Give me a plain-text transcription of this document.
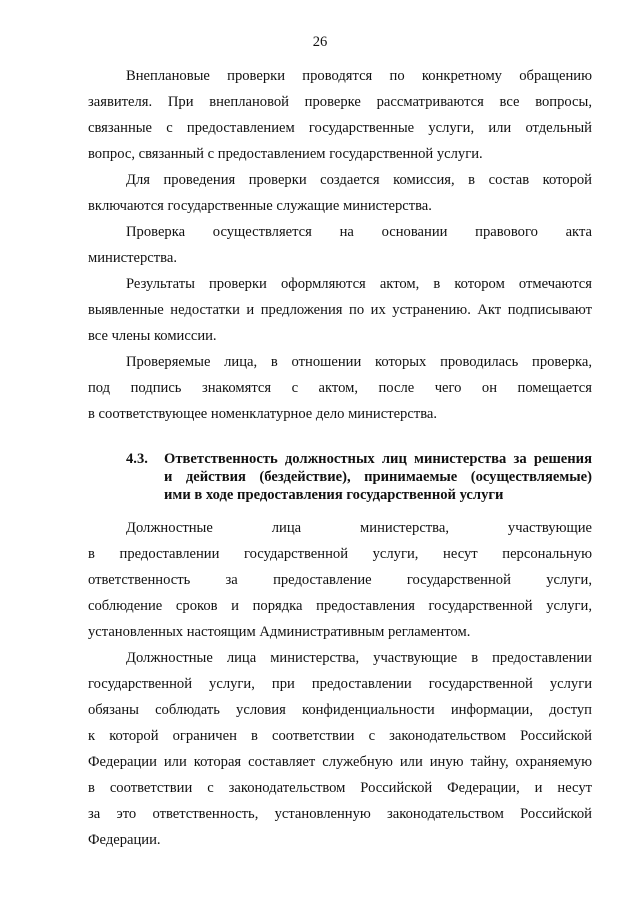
26
Внеплановые проверки проводятся по конкретному обращению
заявителя. При внеплановой проверке рассматриваются все вопросы,
связанные с предоставлением государственные услуги, или отдельный
вопрос, связанный с предоставлением государственной услуги.
Для проведения проверки создается комиссия, в состав которой
включаются государственные служащие министерства.
Проверка осуществляется на основании правового акта
министерства.
Результаты проверки оформляются актом, в котором отмечаются
выявленные недостатки и предложения по их устранению. Акт подписывают
все члены комиссии.
Проверяемые лица, в отношении которых проводилась проверка,
под подпись знакомятся с актом, после чего он помещается
в соответствующее номенклатурное дело министерства.
4.3. Ответственность должностных лиц министерства за решения
и действия (бездействие), принимаемые (осуществляемые)
ими в ходе предоставления государственной услуги
Должностные лица министерства, участвующие
в предоставлении государственной услуги, несут персональную
ответственность за предоставление государственной услуги,
соблюдение сроков и порядка предоставления государственной услуги,
установленных настоящим Административным регламентом.
Должностные лица министерства, участвующие в предоставлении
государственной услуги, при предоставлении государственной услуги
обязаны соблюдать условия конфиденциальности информации, доступ
к которой ограничен в соответствии с законодательством Российской
Федерации или которая составляет служебную или иную тайну, охраняемую
в соответствии с законодательством Российской Федерации, и несут
за это ответственность, установленную законодательством Российской
Федерации.
